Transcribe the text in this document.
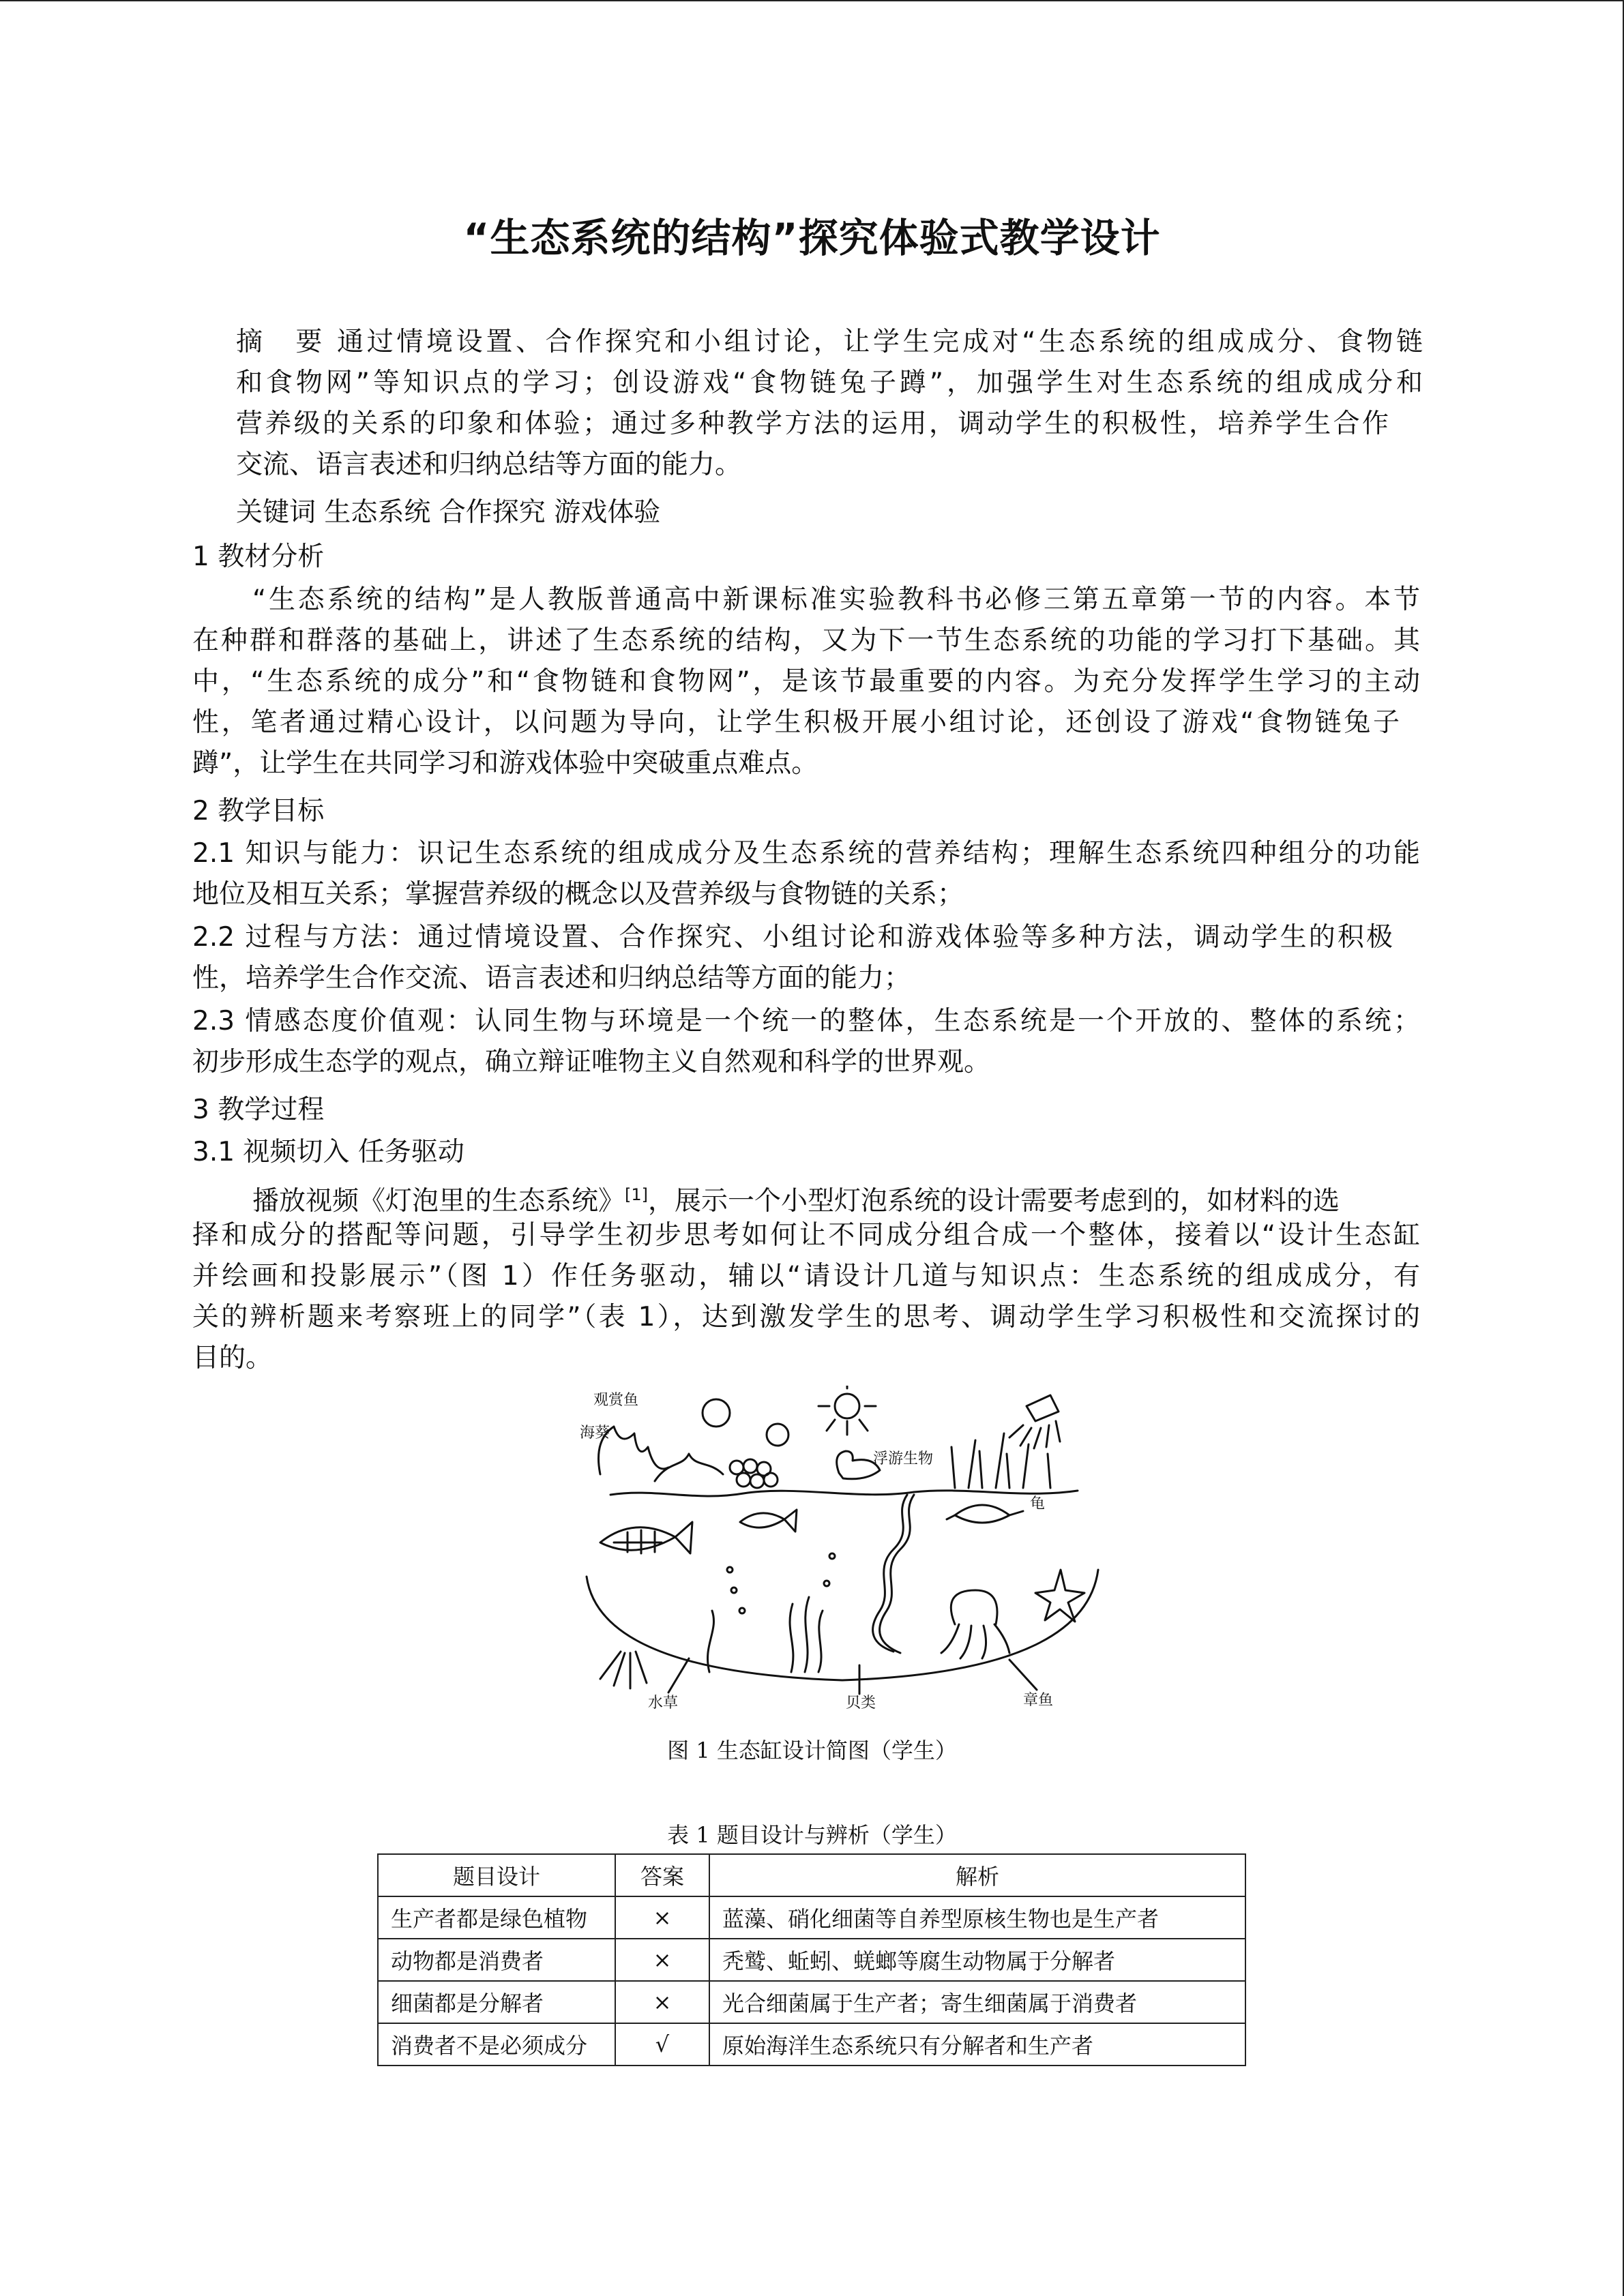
“生态系统的结构”探究体验式教学设计
摘　要 通过情境设置、合作探究和小组讨论，让学生完成对“生态系统的组成成分、食物链
和食物网”等知识点的学习；创设游戏“食物链兔子蹲”，加强学生对生态系统的组成成分和
营养级的关系的印象和体验；通过多种教学方法的运用，调动学生的积极性，培养学生合作
交流、语言表述和归纳总结等方面的能力。
关键词 生态系统 合作探究 游戏体验
1 教材分析
“生态系统的结构”是人教版普通高中新课标准实验教科书必修三第五章第一节的内容。本节
在种群和群落的基础上，讲述了生态系统的结构，又为下一节生态系统的功能的学习打下基础。其
中，“生态系统的成分”和“食物链和食物网”，是该节最重要的内容。为充分发挥学生学习的主动
性，笔者通过精心设计，以问题为导向，让学生积极开展小组讨论，还创设了游戏“食物链兔子
蹲”，让学生在共同学习和游戏体验中突破重点难点。
2 教学目标
2.1 知识与能力：识记生态系统的组成成分及生态系统的营养结构；理解生态系统四种组分的功能
地位及相互关系；掌握营养级的概念以及营养级与食物链的关系；
2.2 过程与方法：通过情境设置、合作探究、小组讨论和游戏体验等多种方法，调动学生的积极
性，培养学生合作交流、语言表述和归纳总结等方面的能力；
2.3 情感态度价值观：认同生物与环境是一个统一的整体，生态系统是一个开放的、整体的系统；
初步形成生态学的观点，确立辩证唯物主义自然观和科学的世界观。
3 教学过程
3.1 视频切入 任务驱动
播放视频《灯泡里的生态系统》[1]，展示一个小型灯泡系统的设计需要考虑到的，如材料的选
择和成分的搭配等问题，引导学生初步思考如何让不同成分组合成一个整体，接着以“设计生态缸
并绘画和投影展示”（图 1）作任务驱动，辅以“请设计几道与知识点：生态系统的组成成分，有
关的辨析题来考察班上的同学”（表 1），达到激发学生的思考、调动学生学习积极性和交流探讨的
目的。
观赏鱼
浮游生物
龟
水草	贝类	章鱼
海葵
图 1 生态缸设计简图（学生）
表 1 题目设计与辨析（学生）
题目设计	答案	解析
生产者都是绿色植物	×	蓝藻、硝化细菌等自养型原核生物也是生产者
动物都是消费者	×	秃鹫、蚯蚓、蜣螂等腐生动物属于分解者
细菌都是分解者	×	光合细菌属于生产者；寄生细菌属于消费者
消费者不是必须成分	√	原始海洋生态系统只有分解者和生产者
